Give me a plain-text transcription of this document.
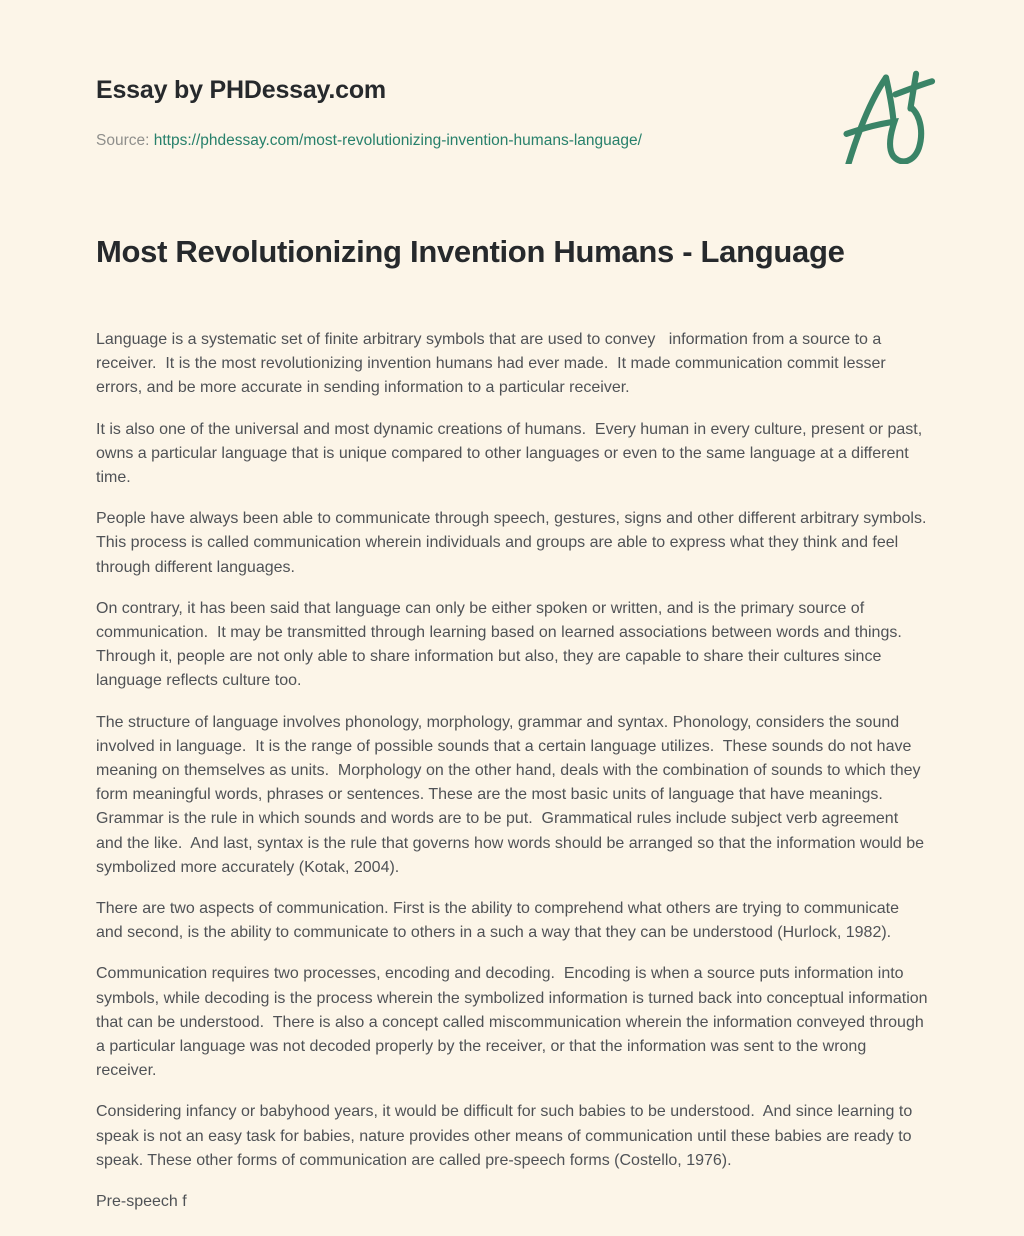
Essay by PHDessay.com
Source: https://phdessay.com/most-revolutionizing-invention-humans-language/
Most Revolutionizing Invention Humans - Language

Language is a systematic set of finite arbitrary symbols that are used to convey   information from a source to a receiver.  It is the most revolutionizing invention humans had ever made.  It made communication commit lesser errors, and be more accurate in sending information to a particular receiver.

It is also one of the universal and most dynamic creations of humans.  Every human in every culture, present or past, owns a particular language that is unique compared to other languages or even to the same language at a different time.

People have always been able to communicate through speech, gestures, signs and other different arbitrary symbols.  This process is called communication wherein individuals and groups are able to express what they think and feel through different languages.

On contrary, it has been said that language can only be either spoken or written, and is the primary source of communication.  It may be transmitted through learning based on learned associations between words and things.  Through it, people are not only able to share information but also, they are capable to share their cultures since language reflects culture too.

The structure of language involves phonology, morphology, grammar and syntax. Phonology, considers the sound involved in language.  It is the range of possible sounds that a certain language utilizes.  These sounds do not have meaning on themselves as units.  Morphology on the other hand, deals with the combination of sounds to which they form meaningful words, phrases or sentences. These are the most basic units of language that have meanings.  Grammar is the rule in which sounds and words are to be put.  Grammatical rules include subject verb agreement and the like.  And last, syntax is the rule that governs how words should be arranged so that the information would be symbolized more accurately (Kotak, 2004).

There are two aspects of communication. First is the ability to comprehend what others are trying to communicate and second, is the ability to communicate to others in a such a way that they can be understood (Hurlock, 1982).

Communication requires two processes, encoding and decoding.  Encoding is when a source puts information into symbols, while decoding is the process wherein the symbolized information is turned back into conceptual information that can be understood.  There is also a concept called miscommunication wherein the information conveyed through a particular language was not decoded properly by the receiver, or that the information was sent to the wrong receiver.

Considering infancy or babyhood years, it would be difficult for such babies to be understood.  And since learning to speak is not an easy task for babies, nature provides other means of communication until these babies are ready to speak. These other forms of communication are called pre-speech forms (Costello, 1976).

Pre-speech f
